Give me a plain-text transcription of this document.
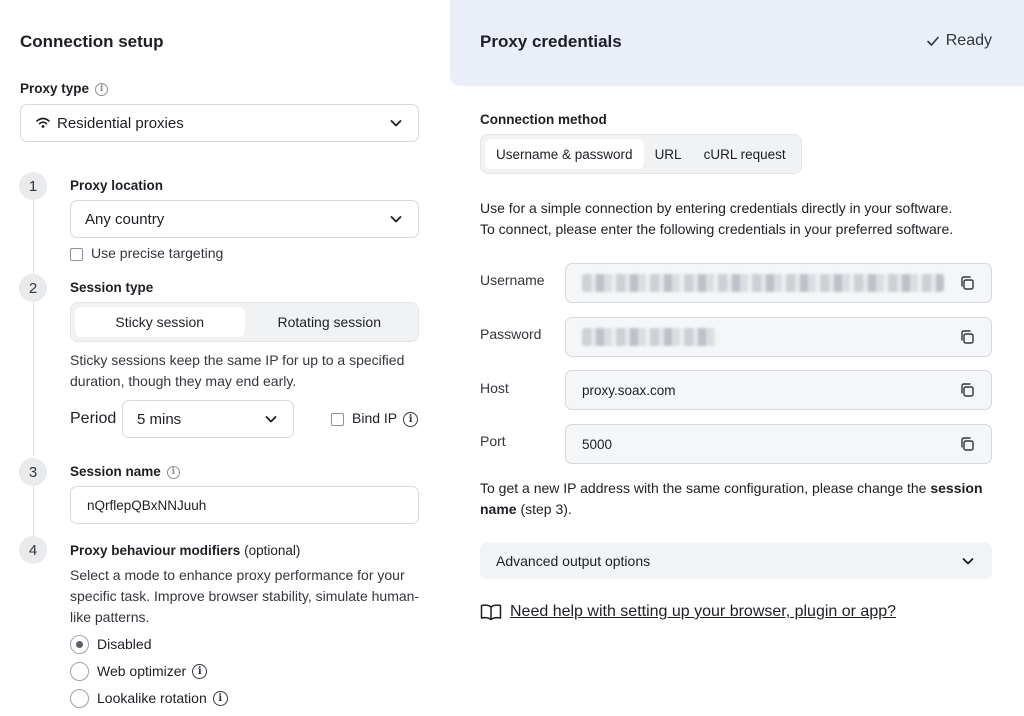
Connection setup
Proxy type i
Residential proxies
1	Proxy location
Any country
Use precise targeting
2	Session type
Sticky session	Rotating session
Sticky sessions keep the same IP for up to a specified duration, though they may end early.
Period 5 mins	Bind IP i
3	Session name i
nQrflepQBxNNJuuh
4	Proxy behaviour modifiers (optional)
Select a mode to enhance proxy performance for your specific task. Improve browser stability, simulate human-like patterns.
Disabled
Web optimizer	i
Lookalike rotation	i
Proxy credentials	Ready
Connection method
Username & password	URL	cURL request
Use for a simple connection by entering credentials directly in your software.
To connect, please enter the following credentials in your preferred software.
Username
Password
Host	proxy.soax.com
Port	5000
To get a new IP address with the same configuration, please change the session name (step 3).
Advanced output options
Need help with setting up your browser, plugin or app?
